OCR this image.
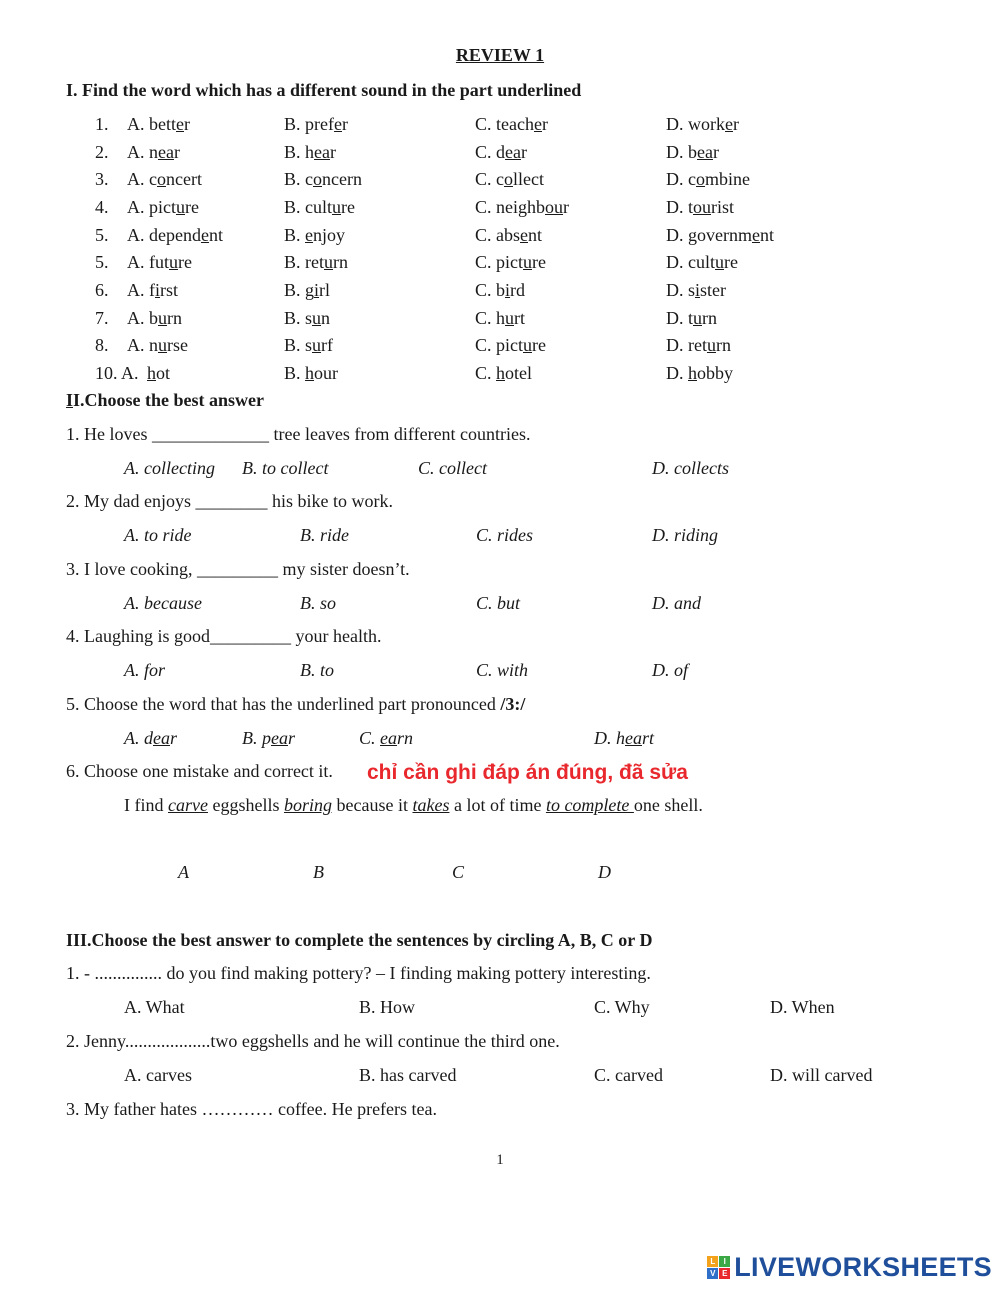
REVIEW 1
I. Find the word which has a different sound in the part underlined
1. A. better	B. prefer	C. teacher	D. worker
2. A. near	B. hear	C. dear	D. bear
3. A. concert	B. concern	C. collect	D. combine
4. A. picture	B. culture	C. neighbour	D. tourist
5. A. dependent	B. enjoy	C. absent	D. government
5. A. future	B. return	C. picture	D. culture
6. A. first	B. girl	C. bird	D. sister
7. A. burn	B. sun	C. hurt	D. turn
8. A. nurse	B. surf	C. picture	D. return
10. A. hot	B. hour	C. hotel	D. hobby
II.Choose the best answer
1. He loves _____________ tree leaves from different countries.
A. collecting B. to collect	C. collect	D. collects
2. My dad enjoys ________ his bike to work.
A. to ride	B. ride	C. rides	D. riding
3. I love cooking, _________ my sister doesn’t.
A. because	B. so	C. but	D. and
4. Laughing is good_________ your health.
A. for	B. to	C. with	D. of
5. Choose the word that has the underlined part pronounced /3:/
A. dear	B. pear	C. earn	D. heart
6. Choose one mistake and correct it. chỉ cần ghi đáp án đúng, đã sửa
I find carve eggshells boring because it takes a lot of time to complete one shell.
A	B	C	D
III.Choose the best answer to complete the sentences by circling A, B, C or D
1. - ............... do you find making pottery? – I finding making pottery interesting.
A. What	B. How	C. Why	D. When
2. Jenny...................two eggshells and he will continue the third one.
A. carves	B. has carved	C. carved	D. will carved
3. My father hates ………… coffee. He prefers tea.
1
L	I
V E LIVEWORKSHEETS
